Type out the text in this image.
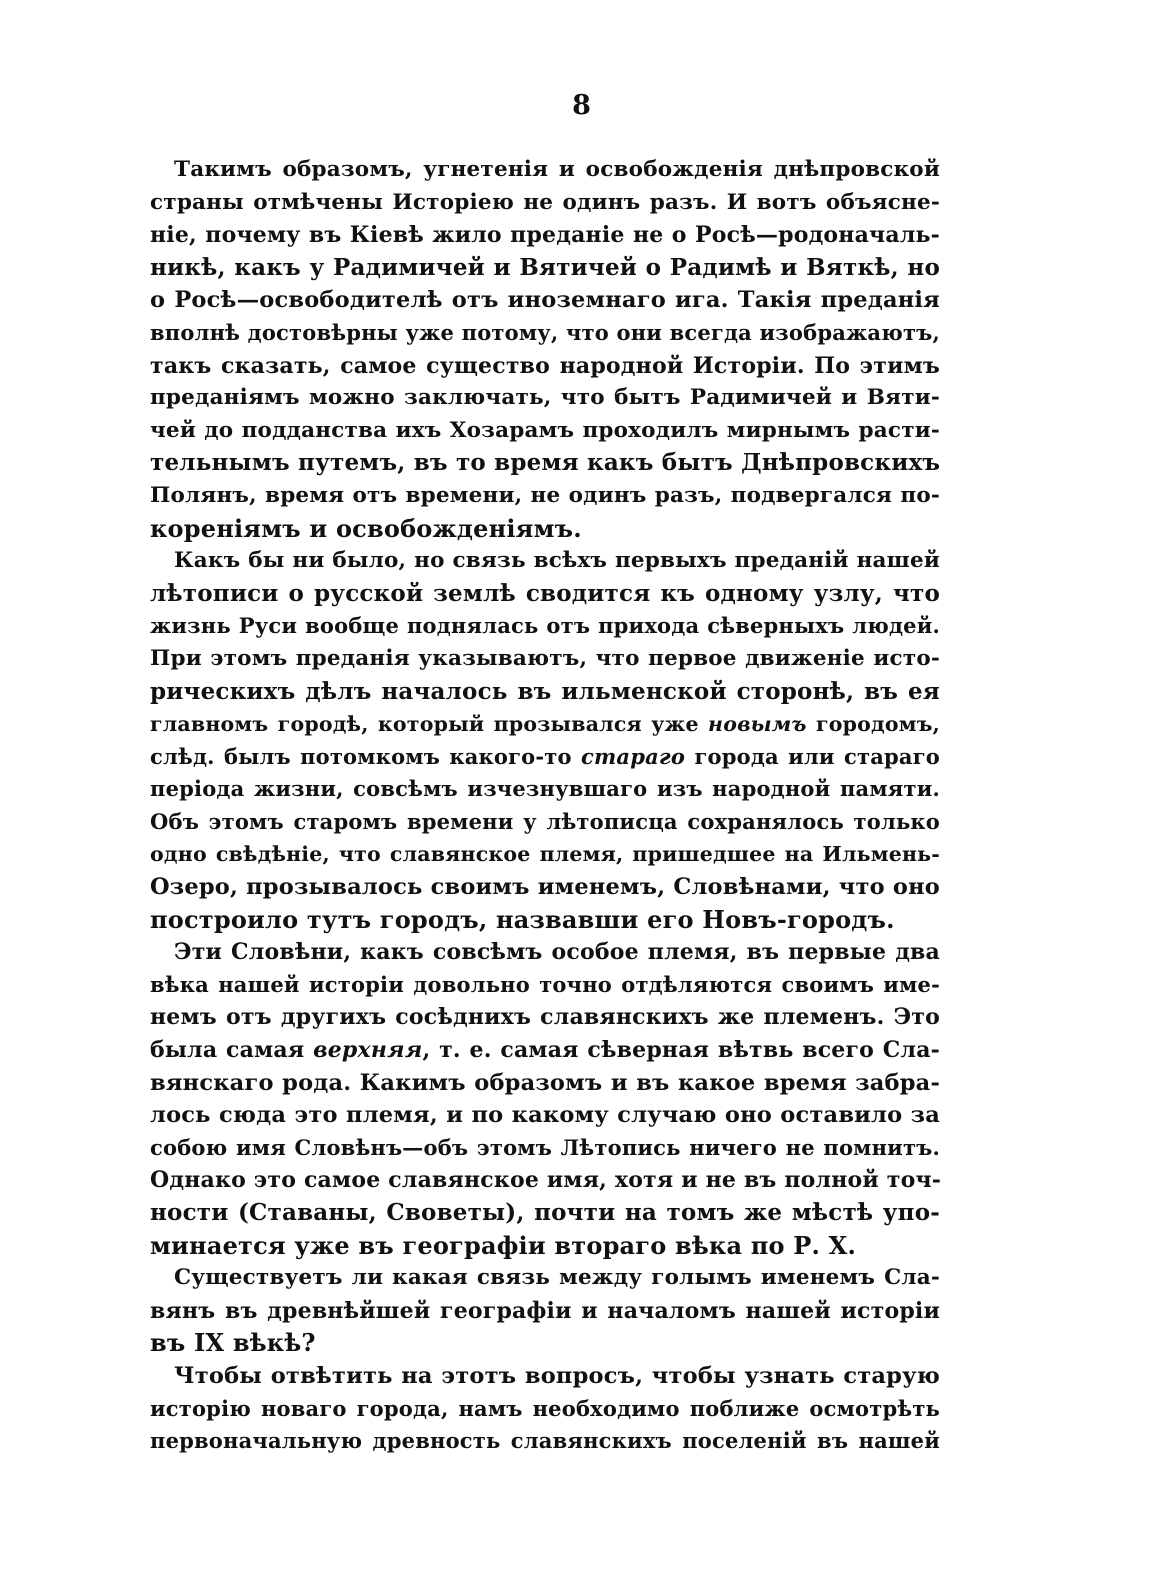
8
Такимъ образомъ, угнетенія и освобожденія днѣпровской
страны отмѣчены Исторіею не одинъ разъ. И вотъ объясне-
ніе, почему въ Кіевѣ жило преданіе не о Росѣ—родоначаль-
никѣ, какъ у Радимичей и Вятичей о Радимѣ и Вяткѣ, но
о Росѣ—освободителѣ отъ иноземнаго ига. Такія преданія
вполнѣ достовѣрны уже потому, что они всегда изображаютъ,
такъ сказать, самое существо народной Исторіи. По этимъ
преданіямъ можно заключать, что бытъ Радимичей и Вяти-
чей до подданства ихъ Хозарамъ проходилъ мирнымъ расти-
тельнымъ путемъ, въ то время какъ бытъ Днѣпровскихъ
Полянъ, время отъ времени, не одинъ разъ, подвергался по-
кореніямъ и освобожденіямъ.
Какъ бы ни было, но связь всѣхъ первыхъ преданій нашей
лѣтописи о русской землѣ сводится къ одному узлу, что
жизнь Руси вообще поднялась отъ прихода сѣверныхъ людей.
При этомъ преданія указываютъ, что первое движеніе исто-
рическихъ дѣлъ началось въ ильменской сторонѣ, въ ея
главномъ городѣ, который прозывался уже новымъ городомъ,
слѣд. былъ потомкомъ какого-то стараго города или стараго
періода жизни, совсѣмъ изчезнувшаго изъ народной памяти.
Объ этомъ старомъ времени у лѣтописца сохранялось только
одно свѣдѣніе, что славянское племя, пришедшее на Ильмень-
Озеро, прозывалось своимъ именемъ, Словѣнами, что оно
построило тутъ городъ, назвавши его Новъ-городъ.
Эти Словѣни, какъ совсѣмъ особое племя, въ первые два
вѣка нашей исторіи довольно точно отдѣляются своимъ име-
немъ отъ другихъ сосѣднихъ славянскихъ же племенъ. Это
была самая верхняя, т. е. самая сѣверная вѣтвь всего Сла-
вянскаго рода. Какимъ образомъ и въ какое время забра-
лось сюда это племя, и по какому случаю оно оставило за
собою имя Словѣнъ—объ этомъ Лѣтопись ничего не помнитъ.
Однако это самое славянское имя, хотя и не въ полной точ-
ности (Ставаны, Своветы), почти на томъ же мѣстѣ упо-
минается уже въ географіи втораго вѣка по Р. Х.
Существуетъ ли какая связь между голымъ именемъ Сла-
вянъ въ древнѣйшей географіи и началомъ нашей исторіи
въ IX вѣкѣ?
Чтобы отвѣтить на этотъ вопросъ, чтобы узнать старую
исторію новаго города, намъ необходимо поближе осмотрѣть
первоначальную древность славянскихъ поселеній въ нашей
